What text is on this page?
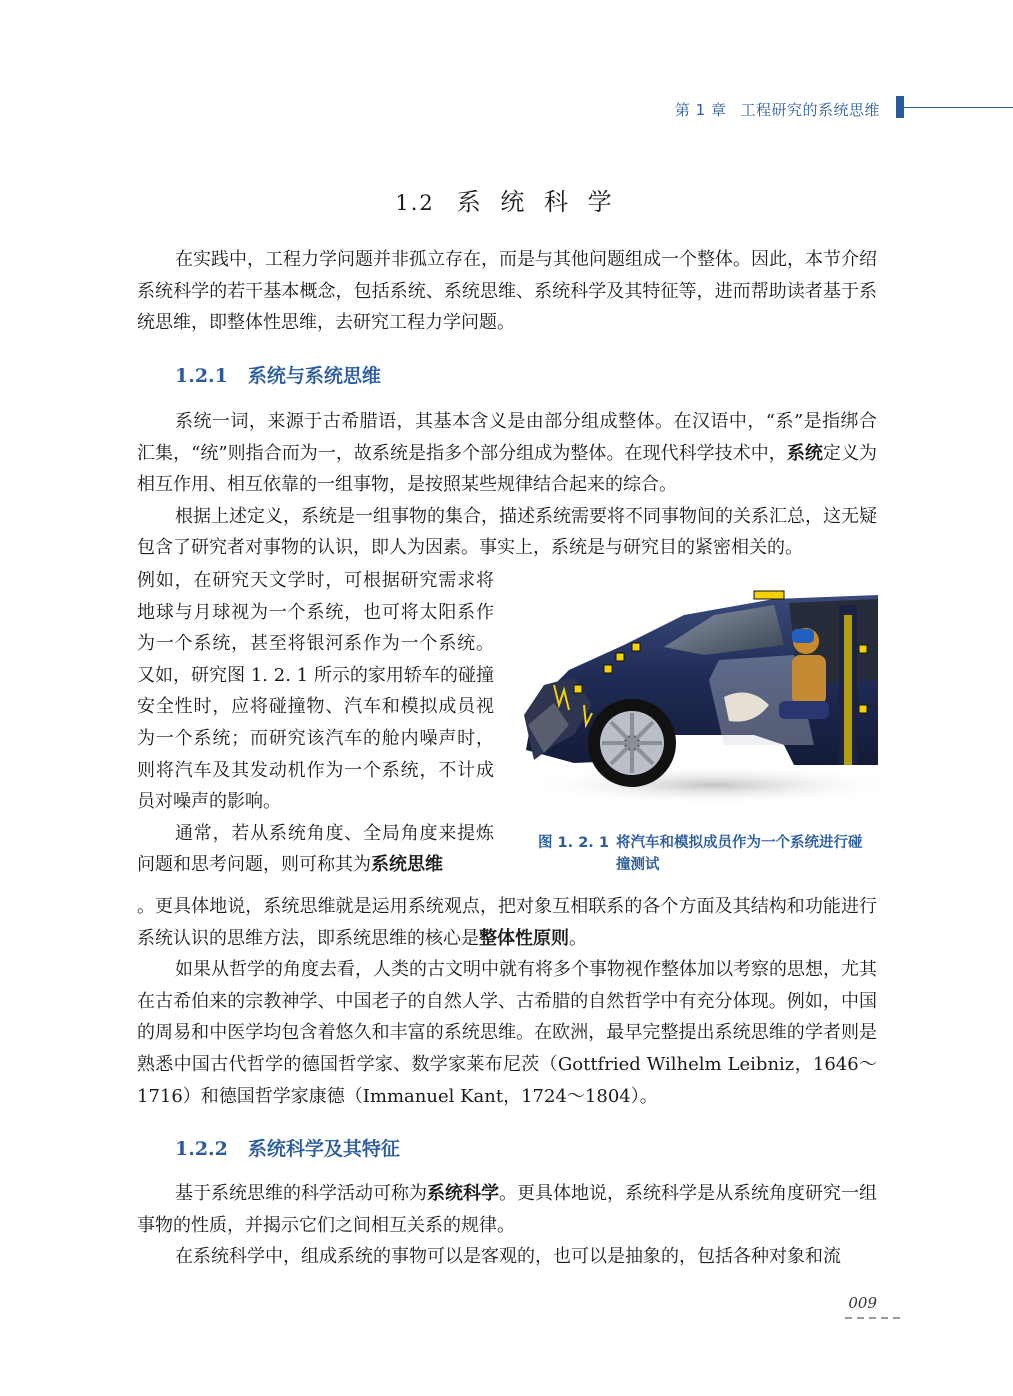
第 1 章 工程研究的系统思维
1.2 系 统 科 学

在实践中，工程力学问题并非孤立存在，而是与其他问题组成一个整体。因此，本节介绍系统科学的若干基本概念，包括系统、系统思维、系统科学及其特征等，进而帮助读者基于系统思维，即整体性思维，去研究工程力学问题。

1.2.1 系统与系统思维

系统一词，来源于古希腊语，其基本含义是由部分组成整体。在汉语中，“系”是指绑合汇集，“统”则指合而为一，故系统是指多个部分组成为整体。在现代科学技术中，系统定义为相互作用、相互依靠的一组事物，是按照某些规律结合起来的综合。

根据上述定义，系统是一组事物的集合，描述系统需要将不同事物间的关系汇总，这无疑包含了研究者对事物的认识，即人为因素。事实上，系统是与研究目的紧密相关的。

例如，在研究天文学时，可根据研究需求将地球与月球视为一个系统，也可将太阳系作为一个系统，甚至将银河系作为一个系统。又如，研究图 1. 2. 1 所示的家用轿车的碰撞安全性时，应将碰撞物、汽车和模拟成员视为一个系统；而研究该汽车的舱内噪声时，则将汽车及其发动机作为一个系统，不计成员对噪声的影响。

通常，若从系统角度、全局角度来提炼问题和思考问题，则可称其为系统思维

图 1. 2. 1 将汽车和模拟成员作为一个系统进行碰撞测试

。更具体地说，系统思维就是运用系统观点，把对象互相联系的各个方面及其结构和功能进行系统认识的思维方法，即系统思维的核心是整体性原则。

如果从哲学的角度去看，人类的古文明中就有将多个事物视作整体加以考察的思想，尤其在古希伯来的宗教神学、中国老子的自然人学、古希腊的自然哲学中有充分体现。例如，中国的周易和中医学均包含着悠久和丰富的系统思维。在欧洲，最早完整提出系统思维的学者则是熟悉中国古代哲学的德国哲学家、数学家莱布尼茨（Gottfried Wilhelm Leibniz，1646～1716）和德国哲学家康德（Immanuel Kant，1724～1804）。

1.2.2 系统科学及其特征

基于系统思维的科学活动可称为系统科学。更具体地说，系统科学是从系统角度研究一组事物的性质，并揭示它们之间相互关系的规律。

在系统科学中，组成系统的事物可以是客观的，也可以是抽象的，包括各种对象和流

009
